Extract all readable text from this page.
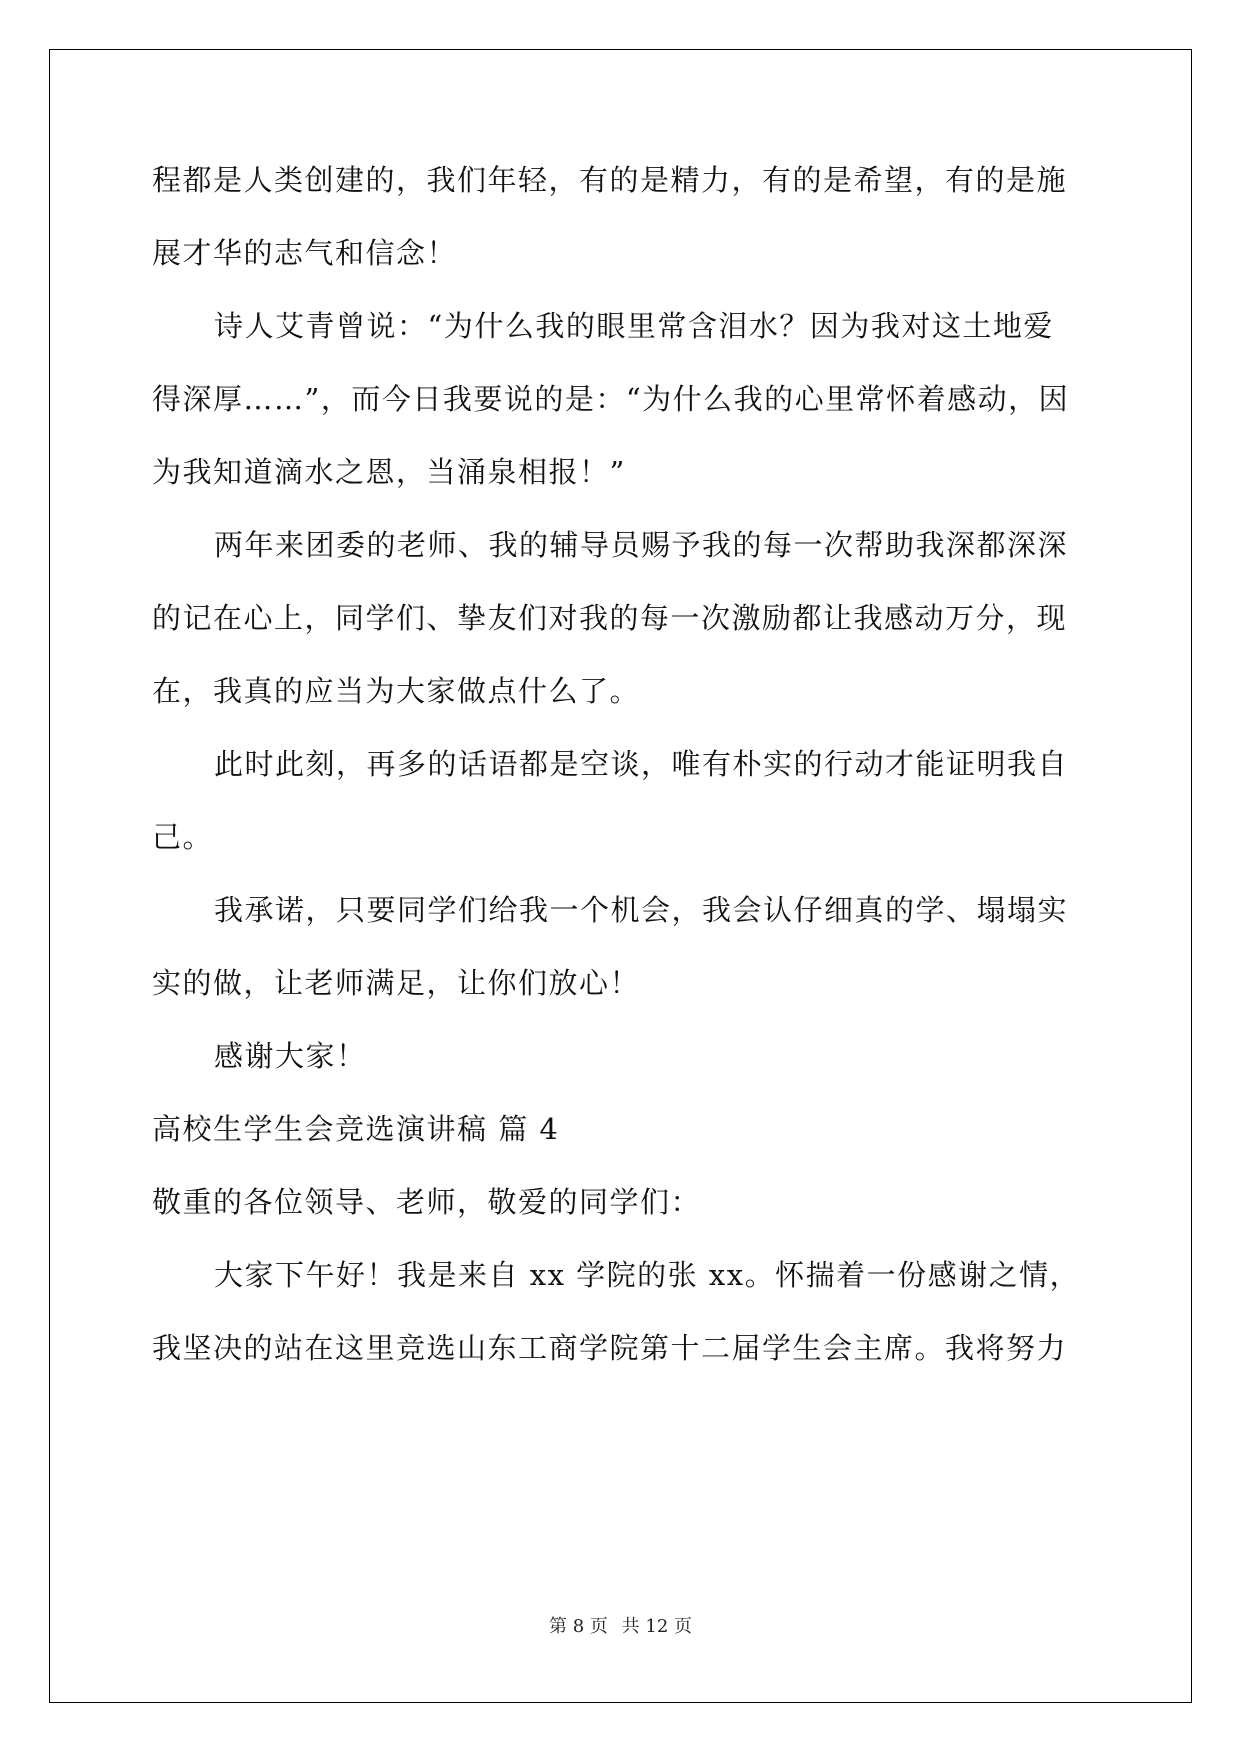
程都是人类创建的，我们年轻，有的是精力，有的是希望，有的是施
展才华的志气和信念！
诗人艾青曾说：“为什么我的眼里常含泪水？因为我对这土地爱
得深厚……”，而今日我要说的是：“为什么我的心里常怀着感动，因
为我知道滴水之恩，当涌泉相报！”
两年来团委的老师、我的辅导员赐予我的每一次帮助我深都深深
的记在心上，同学们、挚友们对我的每一次激励都让我感动万分，现
在，我真的应当为大家做点什么了。
此时此刻，再多的话语都是空谈，唯有朴实的行动才能证明我自
己。
我承诺，只要同学们给我一个机会，我会认仔细真的学、塌塌实
实的做，让老师满足，让你们放心！
感谢大家！
高校生学生会竞选演讲稿 篇 4
敬重的各位领导、老师，敬爱的同学们：
大家下午好！我是来自 xx 学院的张 xx。怀揣着一份感谢之情，
我坚决的站在这里竞选山东工商学院第十二届学生会主席。我将努力
第 8 页 共 12 页
